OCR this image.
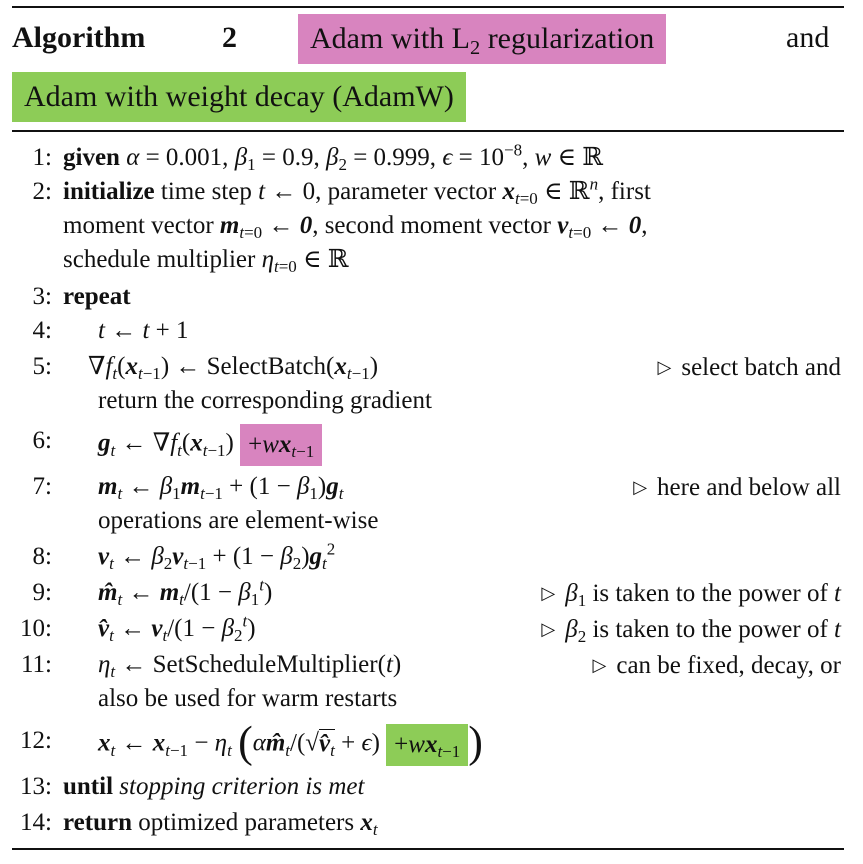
Algorithm	2	Adam with $L_2$ regularization	and
Adam with weight decay (AdamW)
1: given α = 0.001, $\beta_1 = 0.9$, $\beta_2 = 0.999$, $\epsilon = 10^{-8}$, w ∈ ℝ
2: initialize time step t ← 0, parameter vector $x_{t=0}$ ∈ ℝ$^n$, first
moment vector $m_{t=0}$ ← 0, second moment vector $v_{t=0}$ ← 0,
schedule multiplier $\eta_{t=0}$ ∈ ℝ
3: repeat
4: t ← t + 1
5: $\nabla f_t(x_{t-1})$ ← $SelectBatch(x_{t-1})$	▷ select batch and
return the corresponding gradient
6: $g_t$ ← $\nabla f_t(x_{t-1}) +wx_{t-1}$
7: $m_t$ ← $\beta_1m_{t-1} + (1 - \beta_1)g_t$	▷ here and below all
operations are element-wise
8: $v_t$ ← $\beta_2v_{t-1} + (1 - \beta_2)g_t^2$
9: $m̂_t$ ← $m_t/(1 - \beta_1^t)$	▷ $\beta_1$ is taken to the power of t
10: $v̂_t$ ← $v_t/(1 - \beta_2^t)$	▷ $\beta_2$ is taken to the power of t
11: $\eta_t$ ← SetScheduleMultiplier(t)	▷ can be fixed, decay, or
also be used for warm restarts
12: $x_t$ ← $x_{t-1} - \eta_t$ ($\alpha m̂_t/(√v̂_t + \epsilon) +wx_{t-1}$ )
13: until stopping criterion is met
14: return optimized parameters $x_t$
